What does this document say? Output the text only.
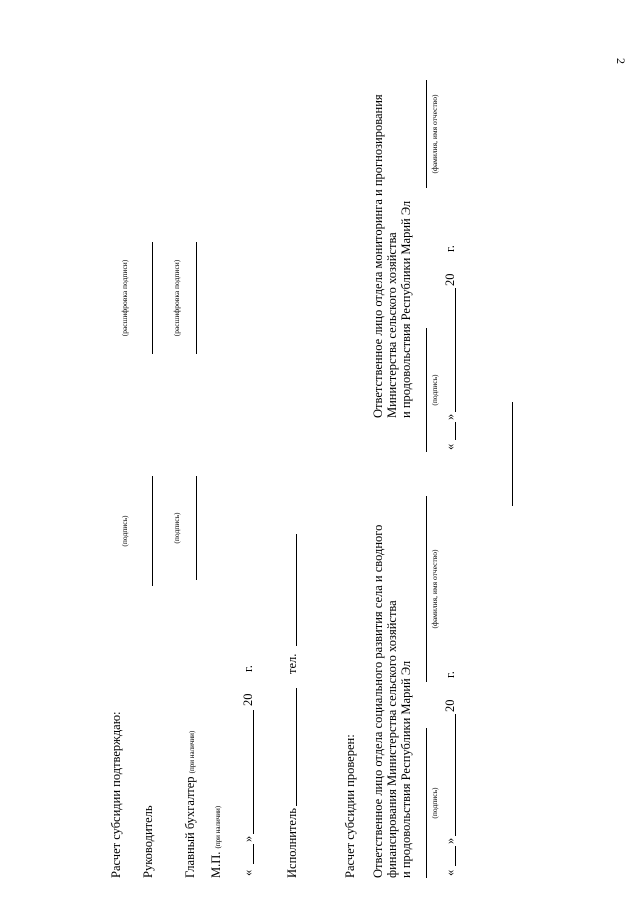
2
Расчет субсидии подтверждаю: Руководитель
(подпись)
(расшифровка подписи)
Главный бухгалтер (при наличии)
(подпись)
(расшифровка подписи)
М.П. (при наличии)
«
»
20
г.
Исполнитель
тел.
Расчет субсидии проверен: Ответственное лицо отдела социального развития села и сводного финансирования Министерства сельского хозяйства и продовольствия Республики Марий Эл (подпись)
(фамилия, имя отчество)
«
»
20
г.
Ответственное лицо отдела мониторинга и прогнозирования Министерства сельского хозяйства и продовольствия Республики Марий Эл (подпись)
(фамилия, имя отчество)
«
»
20
г.
